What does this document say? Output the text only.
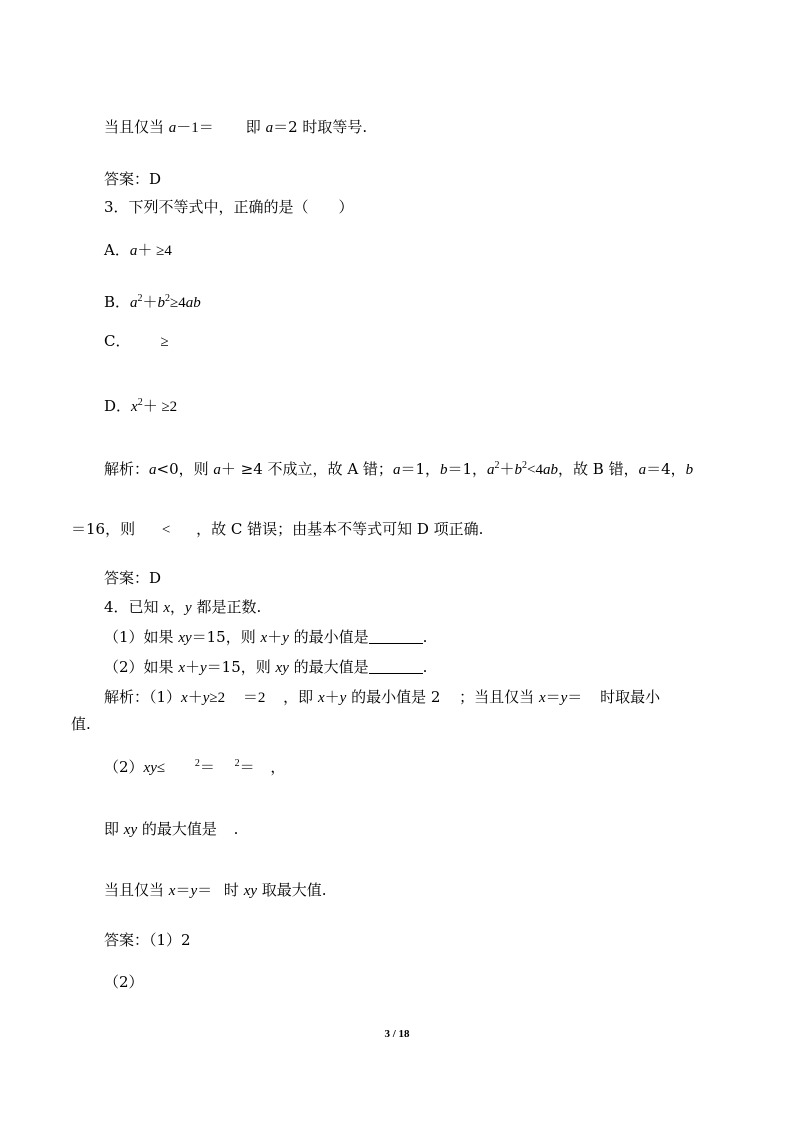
当且仅当 a－1＝ 即 a＝2 时取等号.

答案：D

3．下列不等式中，正确的是（　　）

A．a＋ ≥4

B．$a^2+b^2\ge 4ab$

C． ≥

D．$x^2+ \ge 2$

解析：a<0，则 a＋ ≥4 不成立，故 A 错；a＝1，b＝1，$a^2+b^2<4ab$，故 B 错，a＝4，b

＝16，则 < ，故 C 错误；由基本不等式可知 D 项正确.

答案：D

4．已知 x，y 都是正数.

（1）如果 xy＝15，则 x＋y 的最小值是	.

（2）如果 x＋y＝15，则 xy 的最大值是	.

解析：（1）x＋y≥2 ＝2 ，即 x＋y 的最小值是 2 ；当且仅当 x＝y＝ 时取最小

值.

（2）xy≤	$^2$＝ $^2$＝ ，

即 xy 的最大值是 .

当且仅当 x＝y＝ 时 xy 取最大值.

答案：（1）2

（2）

3 / 18
